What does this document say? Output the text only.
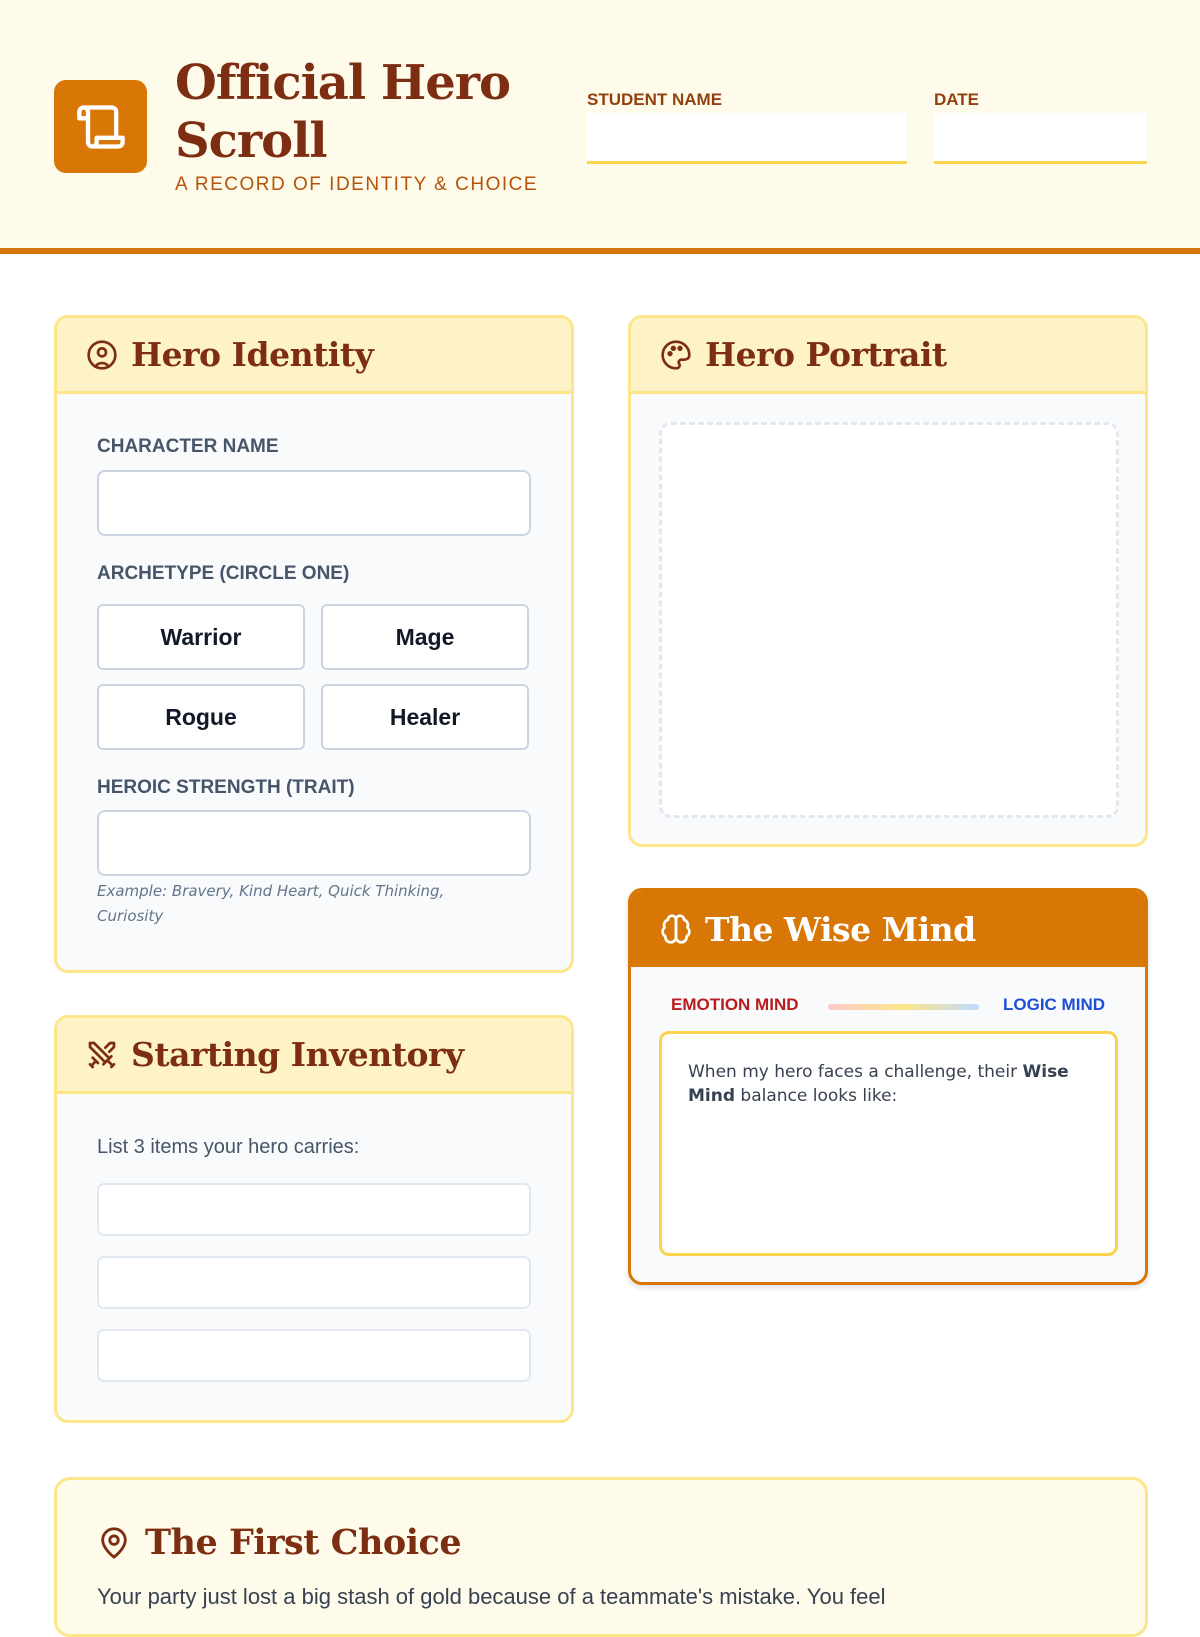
Official Hero Scroll
A RECORD OF IDENTITY & CHOICE
STUDENT NAME	DATE
Hero Identity
CHARACTER NAME
ARCHETYPE (CIRCLE ONE)
Warrior	Mage
Rogue	Healer
HEROIC STRENGTH (TRAIT)
Example: Bravery, Kind Heart, Quick Thinking, Curiosity
Hero Portrait
Starting Inventory
List 3 items your hero carries:
The Wise Mind
EMOTION MIND	LOGIC MIND
When my hero faces a challenge, their Wise Mind balance looks like:
The First Choice
Your party just lost a big stash of gold because of a teammate's mistake. You feel
